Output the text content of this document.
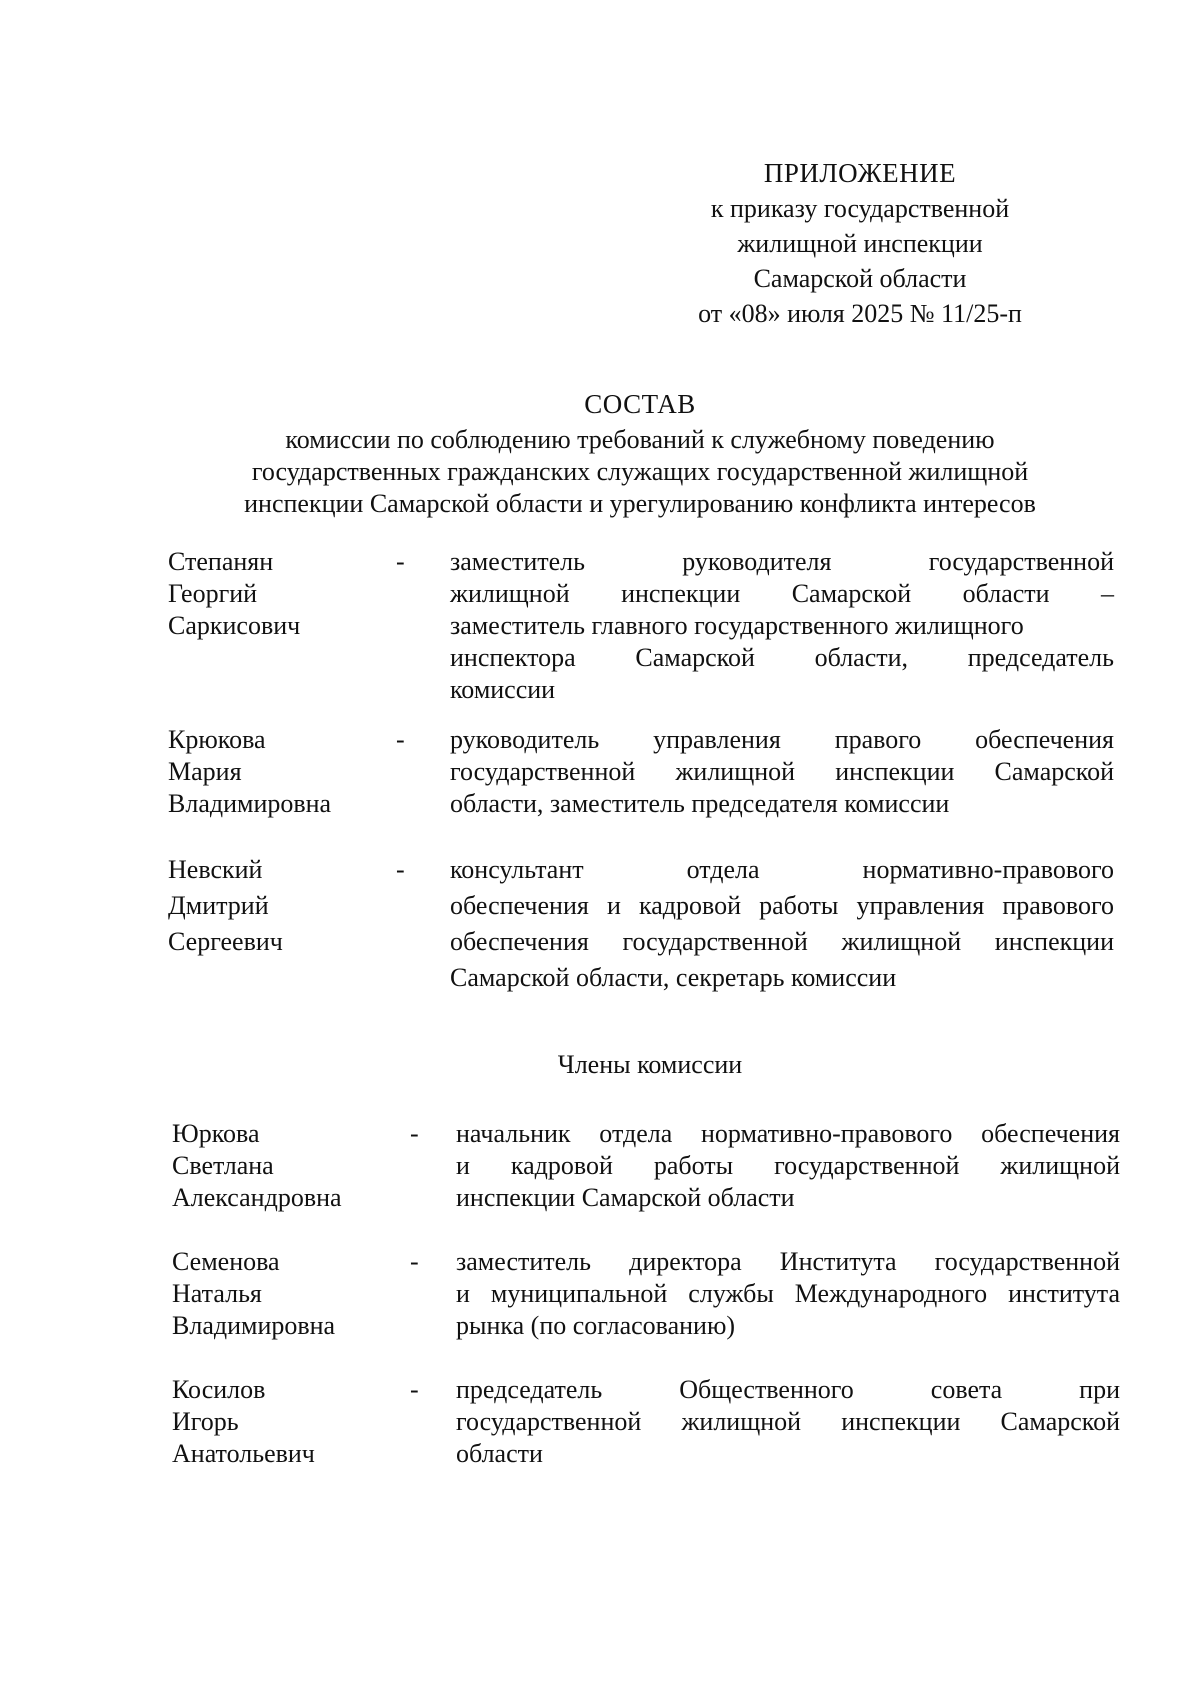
ПРИЛОЖЕНИЕ
к приказу государственной
жилищной инспекции
Самарской области
от «08» июля 2025 № 11/25-п
СОСТАВ
комиссии по соблюдению требований к служебному поведению
государственных гражданских служащих государственной жилищной
инспекции Самарской области и урегулированию конфликта интересов
Степанян
Георгий
Саркисович
- заместитель руководителя государственной
жилищной инспекции Самарской области –
заместитель главного государственного жилищного
инспектора Самарской области, председатель
комиссии
Крюкова
Мария
Владимировна
- руководитель управления правого обеспечения
государственной жилищной инспекции Самарской
области, заместитель председателя комиссии
Невский
Дмитрий
Сергеевич
- консультант отдела нормативно-правового
обеспечения и кадровой работы управления правового
обеспечения государственной жилищной инспекции
Самарской области, секретарь комиссии
Члены комиссии
Юркова
Светлана
Александровна
- начальник отдела нормативно-правового обеспечения
и кадровой работы государственной жилищной
инспекции Самарской области
Семенова
Наталья
Владимировна
- заместитель директора Института государственной
и муниципальной службы Международного института
рынка (по согласованию)
Косилов
Игорь
Анатольевич
- председатель Общественного совета при
государственной жилищной инспекции Самарской
области
